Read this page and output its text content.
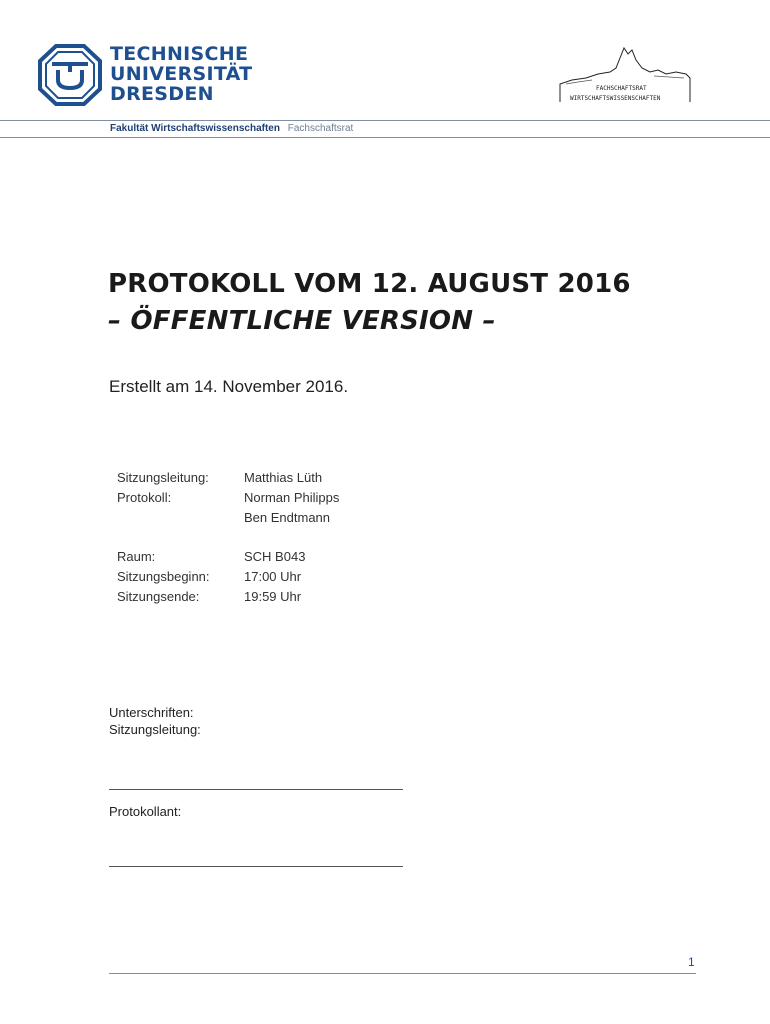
TECHNISCHE
UNIVERSITÄT
DRESDEN	FACHSCHAFTSRAT
WIRTSCHAFTSWISSENSCHAFTEN
Fakultät Wirtschaftswissenschaften Fachschaftsrat
PROTOKOLL VOM 12. AUGUST 2016
– ÖFFENTLICHE VERSION –
Erstellt am 14. November 2016.
Sitzungsleitung:	Matthias Lüth
Protokoll:	Norman Philipps
Ben Endtmann
Raum:	SCH B043
Sitzungsbeginn:	17:00 Uhr
Sitzungsende:	19:59 Uhr
Unterschriften:
Sitzungsleitung:
Protokollant:
1
